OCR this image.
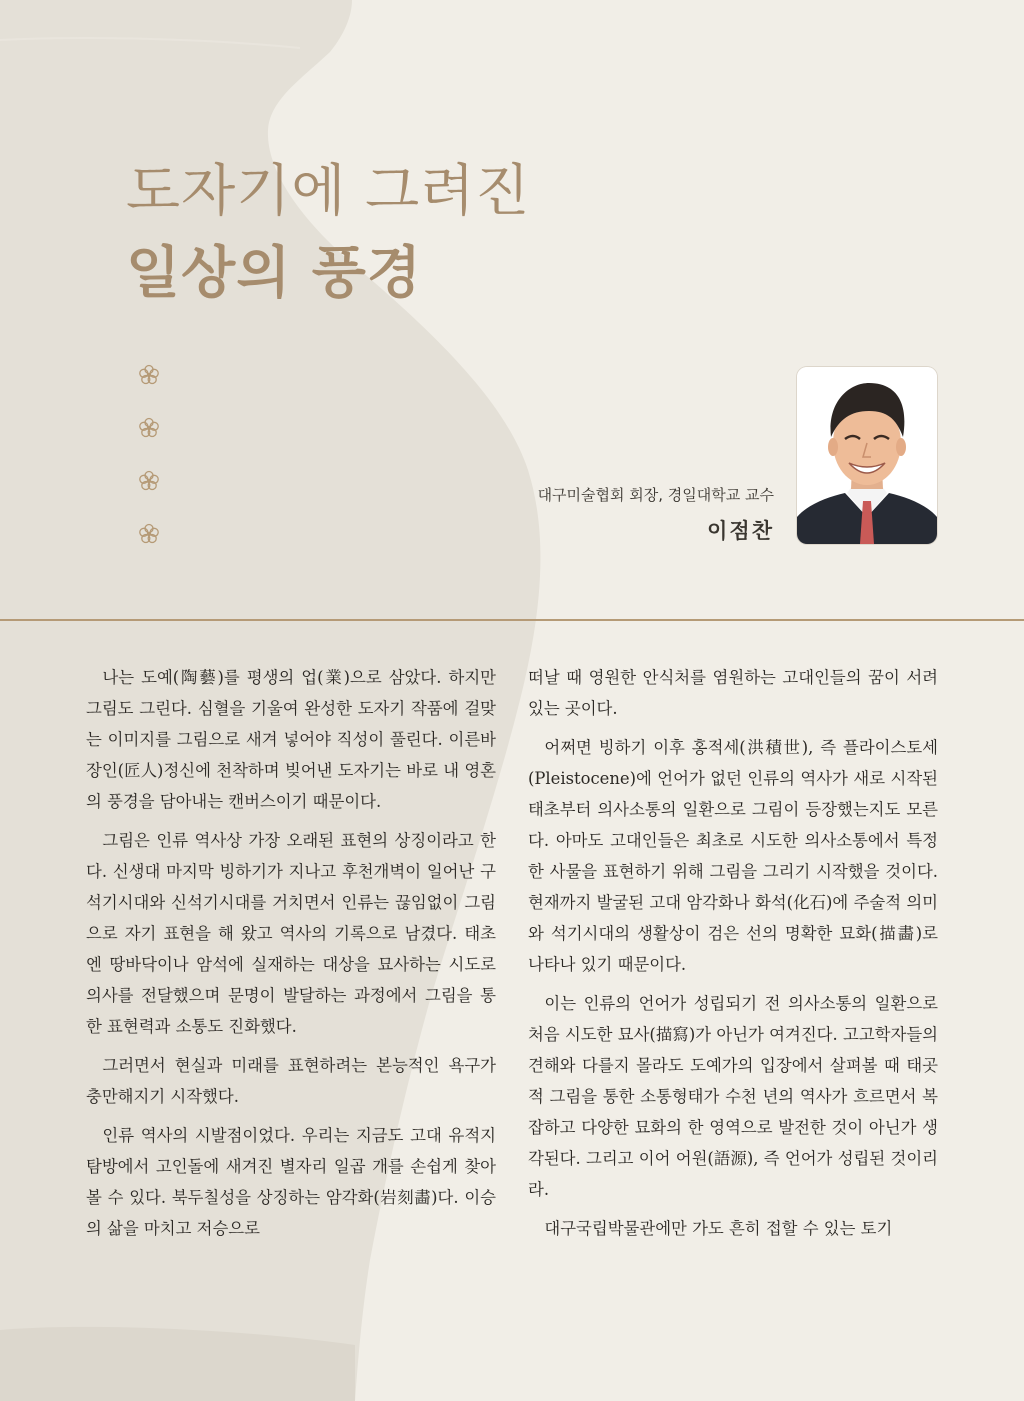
도자기에 그려진
일상의 풍경
대구미술협회 회장, 경일대학교 교수
이점찬

나는 도예(陶藝)를 평생의 업(業)으로 삼았다. 하지만 그림도 그린다. 심혈을 기울여 완성한 도자기 작품에 걸맞는 이미지를 그림으로 새겨 넣어야 직성이 풀린다. 이른바 장인(匠人)정신에 천착하며 빚어낸 도자기는 바로 내 영혼의 풍경을 담아내는 캔버스이기 때문이다.

그림은 인류 역사상 가장 오래된 표현의 상징이라고 한다. 신생대 마지막 빙하기가 지나고 후천개벽이 일어난 구석기시대와 신석기시대를 거치면서 인류는 끊임없이 그림으로 자기 표현을 해 왔고 역사의 기록으로 남겼다. 태초엔 땅바닥이나 암석에 실재하는 대상을 묘사하는 시도로 의사를 전달했으며 문명이 발달하는 과정에서 그림을 통한 표현력과 소통도 진화했다.

그러면서 현실과 미래를 표현하려는 본능적인 욕구가 충만해지기 시작했다.

인류 역사의 시발점이었다. 우리는 지금도 고대 유적지 탐방에서 고인돌에 새겨진 별자리 일곱 개를 손쉽게 찾아볼 수 있다. 북두칠성을 상징하는 암각화(岩刻畵)다. 이승의 삶을 마치고 저승으로

떠날 때 영원한 안식처를 염원하는 고대인들의 꿈이 서려 있는 곳이다.

어쩌면 빙하기 이후 홍적세(洪積世), 즉 플라이스토세(Pleistocene)에 언어가 없던 인류의 역사가 새로 시작된 태초부터 의사소통의 일환으로 그림이 등장했는지도 모른다. 아마도 고대인들은 최초로 시도한 의사소통에서 특정한 사물을 표현하기 위해 그림을 그리기 시작했을 것이다. 현재까지 발굴된 고대 암각화나 화석(化石)에 주술적 의미와 석기시대의 생활상이 검은 선의 명확한 묘화(描畵)로 나타나 있기 때문이다.

이는 인류의 언어가 성립되기 전 의사소통의 일환으로 처음 시도한 묘사(描寫)가 아닌가 여겨진다. 고고학자들의 견해와 다를지 몰라도 도예가의 입장에서 살펴볼 때 태곳적 그림을 통한 소통형태가 수천 년의 역사가 흐르면서 복잡하고 다양한 묘화의 한 영역으로 발전한 것이 아닌가 생각된다. 그리고 이어 어원(語源), 즉 언어가 성립된 것이리라.

대구국립박물관에만 가도 흔히 접할 수 있는 토기
